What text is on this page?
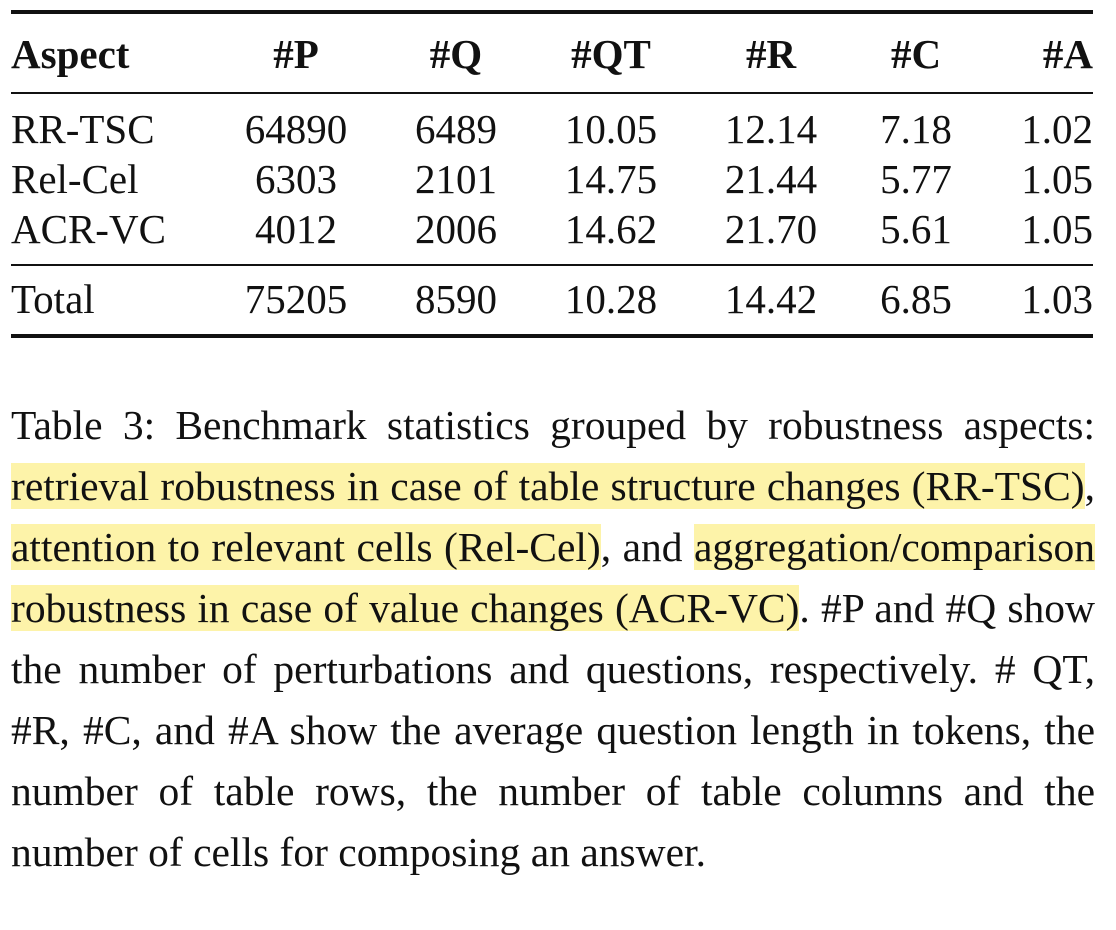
Aspect	#P	#Q	#QT	#R	#C	#A
RR-TSC	64890	6489	10.05	12.14	7.18	1.02
Rel-Cel	6303	2101	14.75	21.44	5.77	1.05
ACR-VC	4012	2006	14.62	21.70	5.61	1.05
Total	75205	8590	10.28	14.42	6.85	1.03
Table 3: Benchmark statistics grouped by robustness aspects: retrieval robustness in case of table structure changes (RR-TSC), attention to relevant cells (Rel-Cel), and aggregation/comparison robustness in case of value changes (ACR-VC). #P and #Q show the number of perturbations and questions, respectively. # QT, #R, #C, and #A show the average question length in tokens, the number of table rows, the number of table columns and the number of cells for composing an answer.
